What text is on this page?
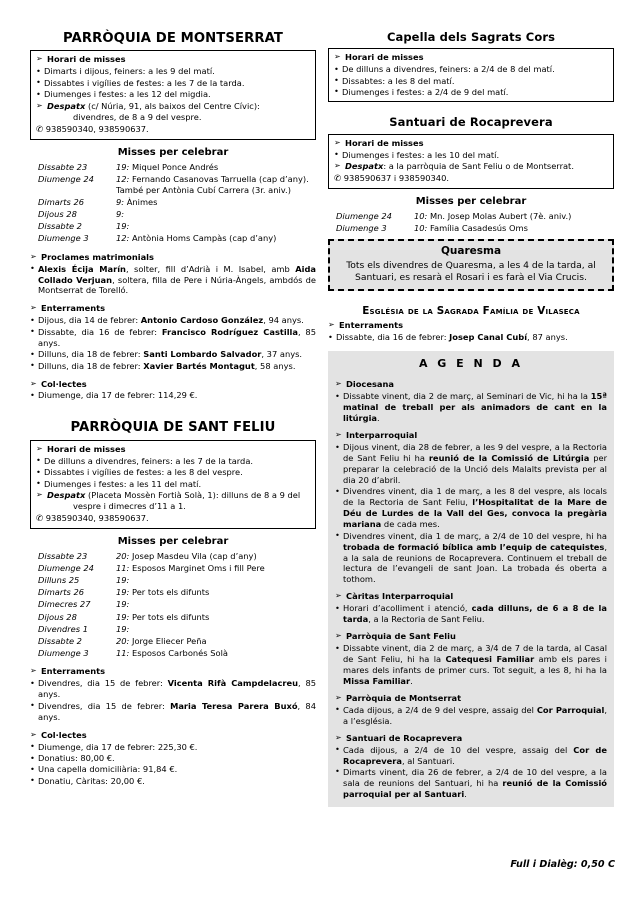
PARRÒQUIA DE MONTSERRAT
➢ Horari de misses
• Dimarts i dijous, feiners: a les 9 del matí.
• Dissabtes i vigílies de festes: a les 7 de la tarda.
• Diumenges i festes: a les 12 del migdia.
➢ Despatx (c/ Núria, 91, als baixos del Centre Cívic):
divendres, de 8 a 9 del vespre.
✆ 938590340, 938590637.
Misses per celebrar
Dissabte 23	19: Miquel Ponce Andrés
Diumenge 24	12: Fernando Casanovas Tarruella (cap d’any).
També per Antònia Cubí Carrera (3r. aniv.)
Dimarts 26	9: Ànimes
Dijous 28	9:
Dissabte 2	19:
Diumenge 3	12: Antònia Homs Campàs (cap d’any)
➢ Proclames matrimonials
• Alexis Écija Marín, solter, fill d’Adrià i M. Isabel, amb Aida Collado Verjuan, soltera, filla de Pere i Núria-Àngels, ambdós de Montserrat de Torelló.
➢ Enterraments
• Dijous, dia 14 de febrer: Antonio Cardoso González, 94 anys.
• Dissabte, dia 16 de febrer: Francisco Rodríguez Castilla, 85 anys.
• Dilluns, dia 18 de febrer: Santi Lombardo Salvador, 37 anys.
• Dilluns, dia 18 de febrer: Xavier Bartés Montagut, 58 anys.
➢ Col·lectes
• Diumenge, dia 17 de febrer: 114,29 €.
PARRÒQUIA DE SANT FELIU
➢ Horari de misses
• De dilluns a divendres, feiners: a les 7 de la tarda.
• Dissabtes i vigílies de festes: a les 8 del vespre.
• Diumenges i festes: a les 11 del matí.
➢ Despatx (Placeta Mossèn Fortià Solà, 1): dilluns de 8 a 9 del
vespre i dimecres d’11 a 1.
✆ 938590340, 938590637.
Misses per celebrar
Dissabte 23	20: Josep Masdeu Vila (cap d’any)
Diumenge 24	11: Esposos Marginet Oms i fill Pere
Dilluns 25	19:
Dimarts 26	19: Per tots els difunts
Dimecres 27	19:
Dijous 28	19: Per tots els difunts
Divendres 1	19:
Dissabte 2	20: Jorge Eliecer Peña
Diumenge 3	11: Esposos Carbonés Solà
➢ Enterraments
• Divendres, dia 15 de febrer: Vicenta Rifà Campdelacreu, 85 anys.
• Divendres, dia 15 de febrer: Maria Teresa Parera Buxó, 84 anys.
➢ Col·lectes
• Diumenge, dia 17 de febrer: 225,30 €.
• Donatius: 80,00 €.
• Una capella domiciliària: 91,84 €.
• Donatiu, Càritas: 20,00 €.
Capella dels Sagrats Cors
➢ Horari de misses
• De dilluns a divendres, feiners: a 2/4 de 8 del matí.
• Dissabtes: a les 8 del matí.
• Diumenges i festes: a 2/4 de 9 del matí.
Santuari de Rocaprevera
➢ Horari de misses
• Diumenges i festes: a les 10 del matí.
➢ Despatx: a la parròquia de Sant Feliu o de Montserrat.
✆ 938590637 i 938590340.
Misses per celebrar
Diumenge 24	10: Mn. Josep Molas Aubert (7è. aniv.)
Diumenge 3	10: Família Casadesús Oms
Quaresma
Tots els divendres de Quaresma, a les 4 de la tarda, al
Santuari, es resarà el Rosari i es farà el Via Crucis.
Església de la Sagrada Família de Vilaseca
➢ Enterraments
• Dissabte, dia 16 de febrer: Josep Canal Cubí, 87 anys.
A G E N D A
➢ Diocesana
• Dissabte vinent, dia 2 de març, al Seminari de Vic, hi ha la 15ª matinal de treball per als animadors de cant en la litúrgia.
➢ Interparroquial
• Dijous vinent, dia 28 de febrer, a les 9 del vespre, a la Rectoria de Sant Feliu hi ha reunió de la Comissió de Litúrgia per preparar la celebració de la Unció dels Malalts prevista per al dia 20 d’abril.
• Divendres vinent, dia 1 de març, a les 8 del vespre, als locals de la Rectoria de Sant Feliu, l’Hospitalitat de la Mare de Déu de Lurdes de la Vall del Ges, convoca la pregària mariana de cada mes.
• Divendres vinent, dia 1 de març, a 2/4 de 10 del vespre, hi ha trobada de formació bíblica amb l’equip de catequistes, a la sala de reunions de Rocaprevera. Continuem el treball de lectura de l’evangeli de sant Joan. La trobada és oberta a tothom.
➢ Càritas Interparroquial
• Horari d’acolliment i atenció, cada dilluns, de 6 a 8 de la tarda, a la Rectoria de Sant Feliu.
➢ Parròquia de Sant Feliu
• Dissabte vinent, dia 2 de març, a 3/4 de 7 de la tarda, al Casal de Sant Feliu, hi ha la Catequesi Familiar amb els pares i mares dels infants de primer curs. Tot seguit, a les 8, hi ha la Missa Familiar.
➢ Parròquia de Montserrat
• Cada dijous, a 2/4 de 9 del vespre, assaig del Cor Parroquial, a l’església.
➢ Santuari de Rocaprevera
• Cada dijous, a 2/4 de 10 del vespre, assaig del Cor de Rocaprevera, al Santuari.
• Dimarts vinent, dia 26 de febrer, a 2/4 de 10 del vespre, a la sala de reunions del Santuari, hi ha reunió de la Comissió parroquial per al Santuari.
Full i Dialèg: 0,50 C
